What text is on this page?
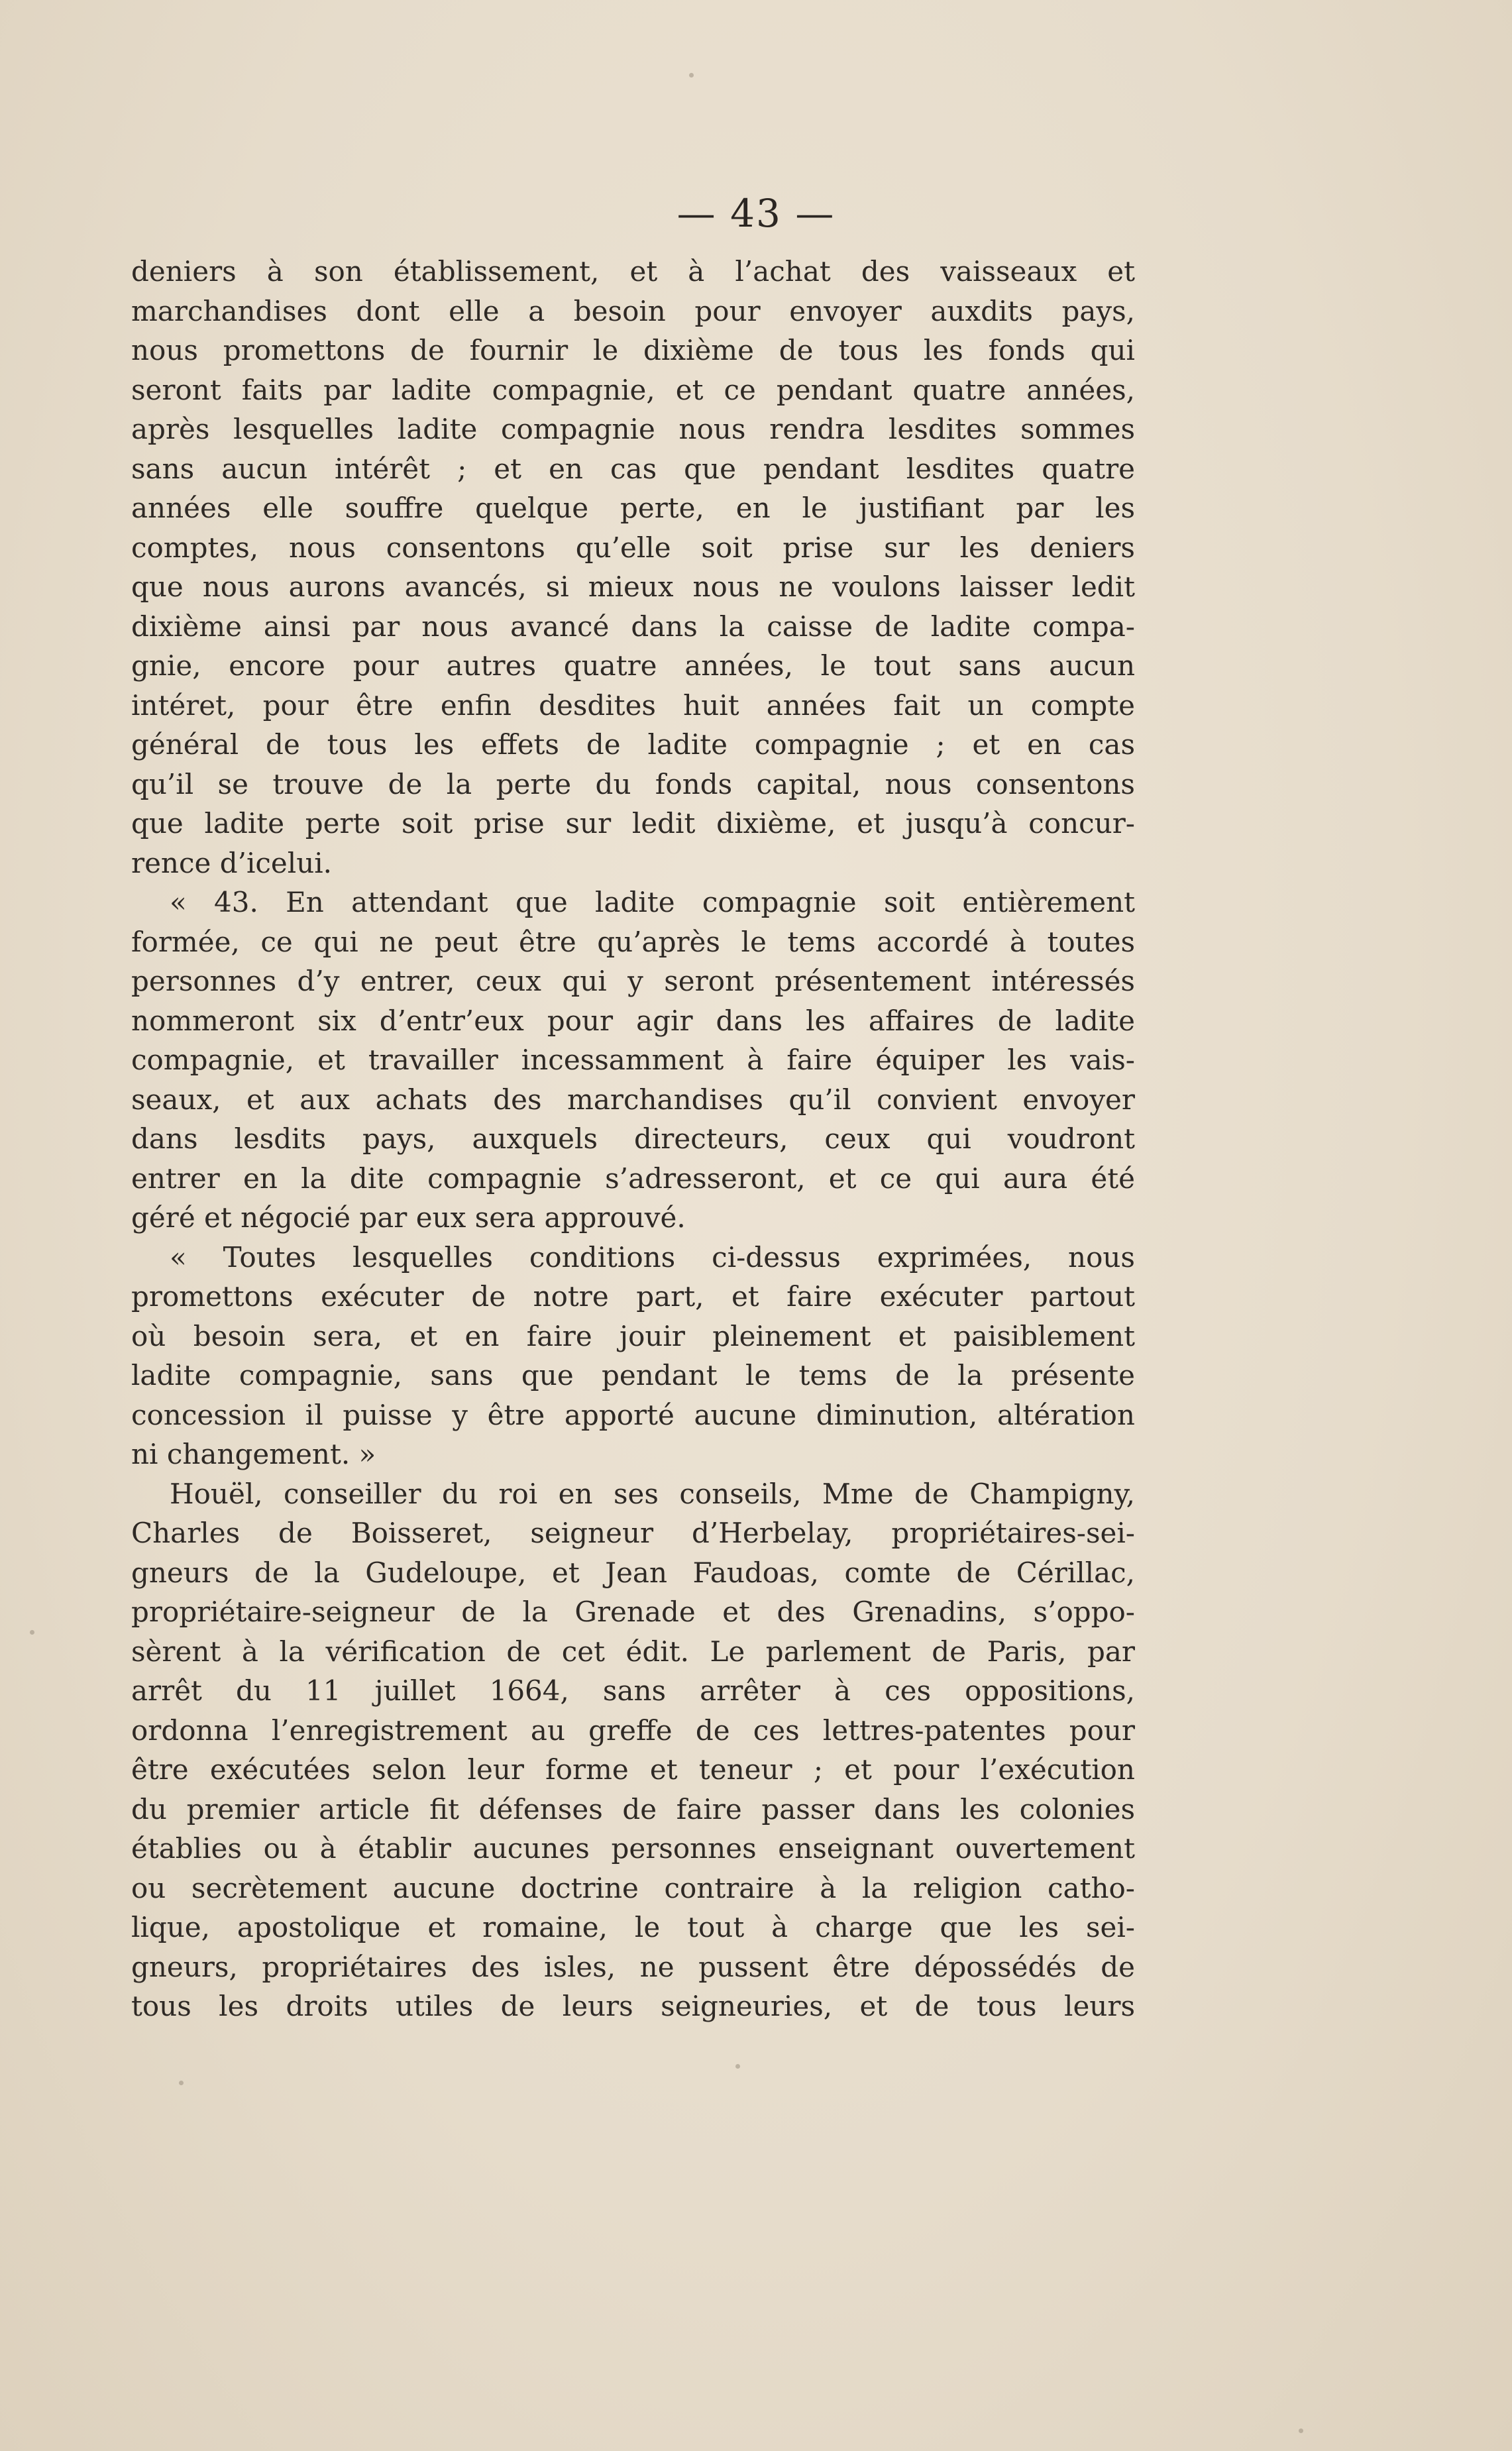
— 43 —
deniers à son établissement, et à l’achat des vaisseaux et
marchandises dont elle a besoin pour envoyer auxdits pays,
nous promettons de fournir le dixième de tous les fonds qui
seront faits par ladite compagnie, et ce pendant quatre années,
après lesquelles ladite compagnie nous rendra lesdites sommes
sans aucun intérêt ; et en cas que pendant lesdites quatre
années elle souffre quelque perte, en le justifiant par les
comptes, nous consentons qu’elle soit prise sur les deniers
que nous aurons avancés, si mieux nous ne voulons laisser ledit
dixième ainsi par nous avancé dans la caisse de ladite compa-
gnie, encore pour autres quatre années, le tout sans aucun
intéret, pour être enfin desdites huit années fait un compte
général de tous les effets de ladite compagnie ; et en cas
qu’il se trouve de la perte du fonds capital, nous consentons
que ladite perte soit prise sur ledit dixième, et jusqu’à concur-
rence d’icelui.
« 43. En attendant que ladite compagnie soit entièrement
formée, ce qui ne peut être qu’après le tems accordé à toutes
personnes d’y entrer, ceux qui y seront présentement intéressés
nommeront six d’entr’eux pour agir dans les affaires de ladite
compagnie, et travailler incessamment à faire équiper les vais-
seaux, et aux achats des marchandises qu’il convient envoyer
dans lesdits pays, auxquels directeurs, ceux qui voudront
entrer en la dite compagnie s’adresseront, et ce qui aura été
géré et négocié par eux sera approuvé.
« Toutes lesquelles conditions ci-dessus exprimées, nous
promettons exécuter de notre part, et faire exécuter partout
où besoin sera, et en faire jouir pleinement et paisiblement
ladite compagnie, sans que pendant le tems de la présente
concession il puisse y être apporté aucune diminution, altération
ni changement. »
Houël, conseiller du roi en ses conseils, Mme de Champigny,
Charles de Boisseret, seigneur d’Herbelay, propriétaires-sei-
gneurs de la Gudeloupe, et Jean Faudoas, comte de Cérillac,
propriétaire-seigneur de la Grenade et des Grenadins, s’oppo-
sèrent à la vérification de cet édit. Le parlement de Paris, par
arrêt du 11 juillet 1664, sans arrêter à ces oppositions,
ordonna l’enregistrement au greffe de ces lettres-patentes pour
être exécutées selon leur forme et teneur ; et pour l’exécution
du premier article fit défenses de faire passer dans les colonies
établies ou à établir aucunes personnes enseignant ouvertement
ou secrètement aucune doctrine contraire à la religion catho-
lique, apostolique et romaine, le tout à charge que les sei-
gneurs, propriétaires des isles, ne pussent être dépossédés de
tous les droits utiles de leurs seigneuries, et de tous leurs
